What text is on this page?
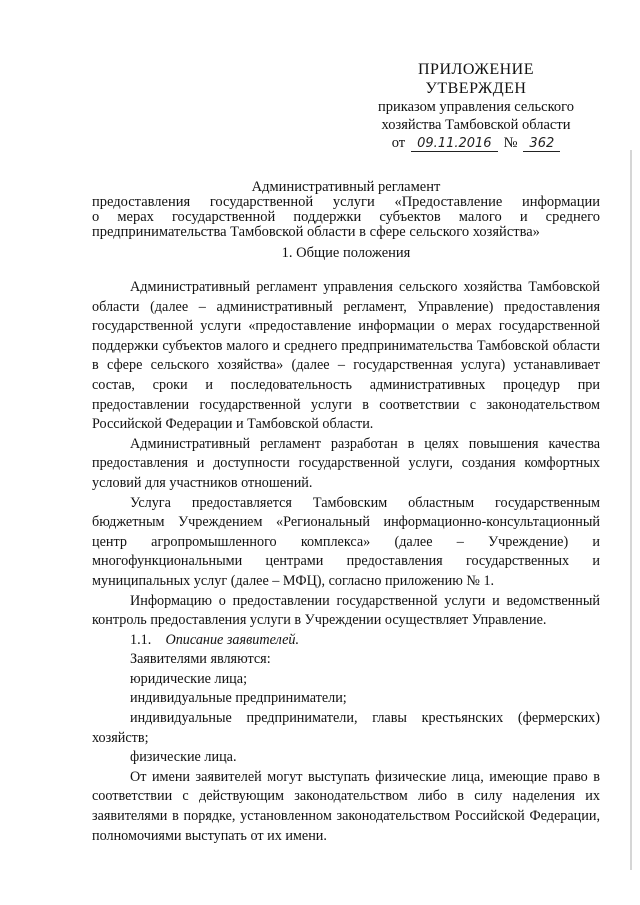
ПРИЛОЖЕНИЕ
УТВЕРЖДЕН
приказом управления сельского
хозяйства Тамбовской области
от 09.11.2016 № 362
Административный регламент
предоставления государственной услуги «Предоставление информации
о мерах государственной поддержки субъектов малого и среднего
предпринимательства Тамбовской области в сфере сельского хозяйства»
1. Общие положения

Административный регламент управления сельского хозяйства Тамбовской области (далее – административный регламент, Управление) предоставления государственной услуги «предоставление информации о мерах государственной поддержки субъектов малого и среднего предпринимательства Тамбовской области в сфере сельского хозяйства» (далее – государственная услуга) устанавливает состав, сроки и последовательность административных процедур при предоставлении государственной услуги в соответствии с законодательством Российской Федерации и Тамбовской области.

Административный регламент разработан в целях повышения качества предоставления и доступности государственной услуги, создания комфортных условий для участников отношений.

Услуга предоставляется Тамбовским областным государственным бюджетным Учреждением «Региональный информационно-консультационный центр агропромышленного комплекса» (далее – Учреждение) и многофункциональными центрами предоставления государственных и муниципальных услуг (далее – МФЦ), согласно приложению № 1.

Информацию о предоставлении государственной услуги и ведомственный контроль предоставления услуги в Учреждении осуществляет Управление.

1.1. Описание заявителей.

Заявителями являются:

юридические лица;

индивидуальные предприниматели;

индивидуальные предприниматели, главы крестьянских (фермерских) хозяйств;

физические лица.

От имени заявителей могут выступать физические лица, имеющие право в соответствии с действующим законодательством либо в силу наделения их заявителями в порядке, установленном законодательством Российской Федерации, полномочиями выступать от их имени.
